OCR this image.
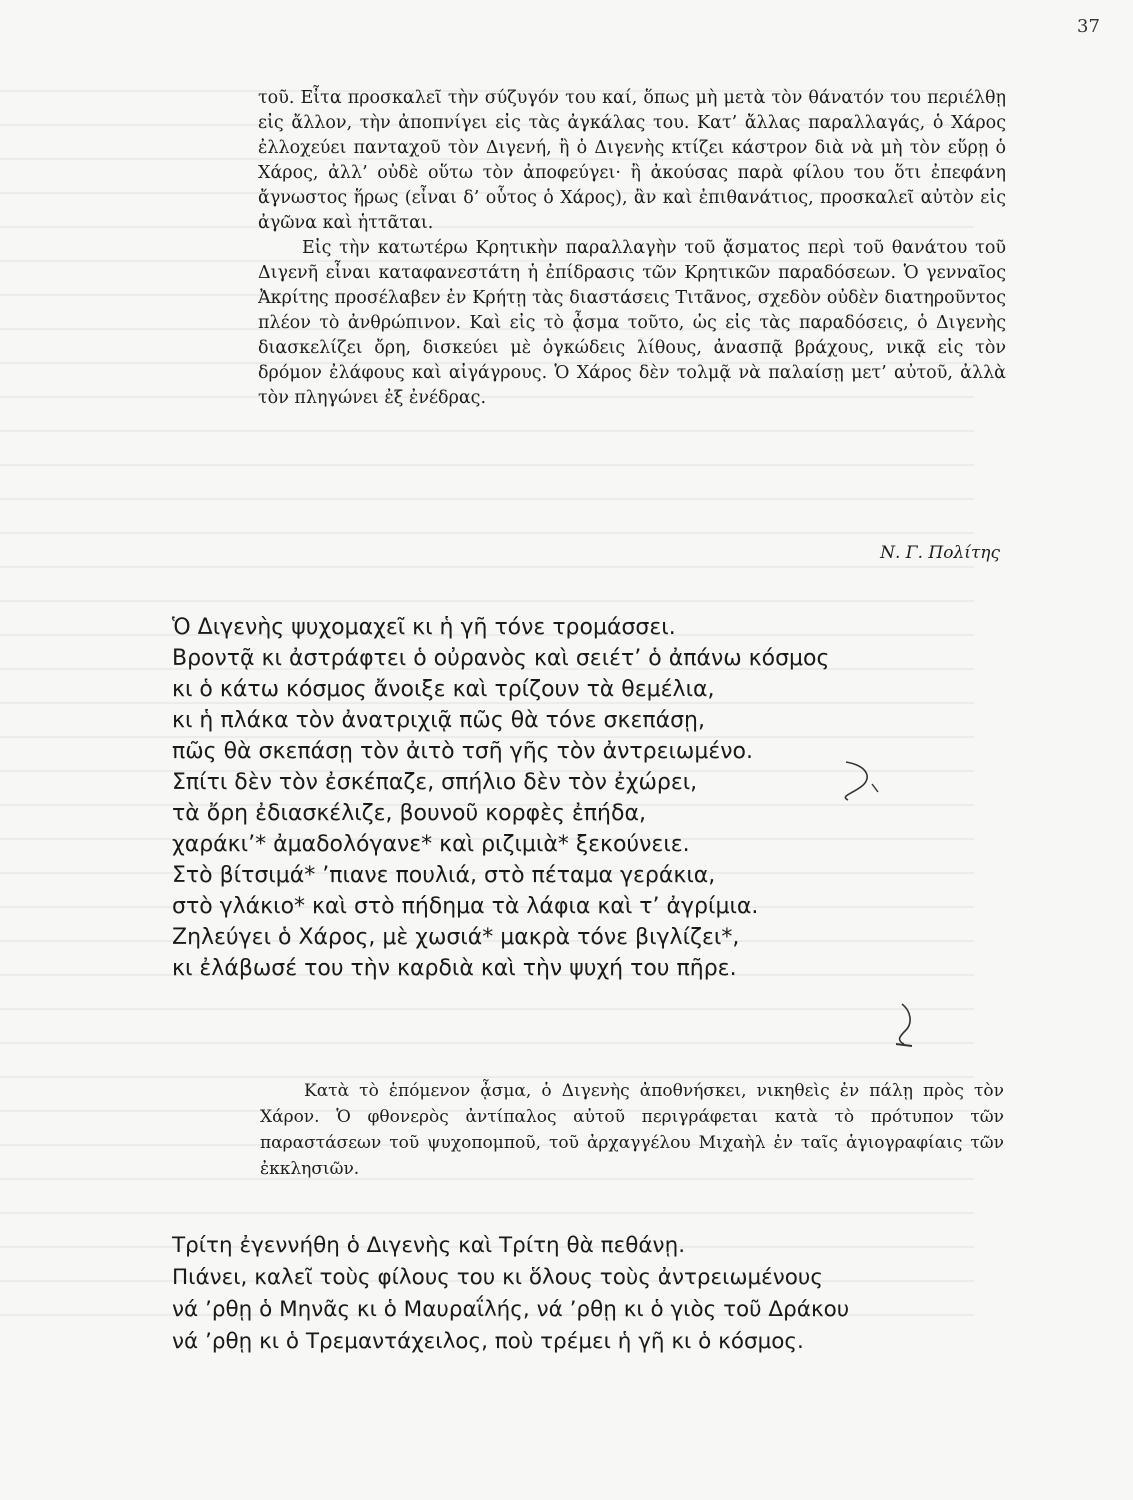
37

τοῦ. Εἶτα προσκαλεῖ τὴν σύζυγόν του καί, ὅπως μὴ μετὰ τὸν θάνατόν του περιέλθῃ εἰς ἄλλον, τὴν ἀποπνίγει εἰς τὰς ἀγκάλας του. Κατ’ ἄλλας παραλλαγάς, ὁ Χάρος ἐλλοχεύει πανταχοῦ τὸν Διγενή, ἢ ὁ Διγενὴς κτίζει κάστρον διὰ νὰ μὴ τὸν εὕρῃ ὁ Χάρος, ἀλλ’ οὐδὲ οὕτω τὸν ἀποφεύγει· ἢ ἀκούσας παρὰ φίλου του ὅτι ἐπεφάνη ἄγνωστος ἥρως (εἶναι δ’ οὗτος ὁ Χάρος), ἂν καὶ ἐπιθανάτιος, προσκαλεῖ αὐτὸν εἰς ἀγῶνα καὶ ἡττᾶται.

Εἰς τὴν κατωτέρω Κρητικὴν παραλλαγὴν τοῦ ᾄσματος περὶ τοῦ θανάτου τοῦ Διγενῆ εἶναι καταφανεστάτη ἡ ἐπίδρασις τῶν Κρητικῶν παραδόσεων. Ὁ γενναῖος Ἀκρίτης προσέλαβεν ἐν Κρήτῃ τὰς διαστάσεις Τιτᾶνος, σχεδὸν οὐδὲν διατηροῦντος πλέον τὸ ἀνθρώπινον. Καὶ εἰς τὸ ᾆσμα τοῦτο, ὡς εἰς τὰς παραδόσεις, ὁ Διγενὴς διασκελίζει ὄρη, δισκεύει μὲ ὀγκώδεις λίθους, ἀνασπᾷ βράχους, νικᾷ εἰς τὸν δρόμον ἐλάφους καὶ αἰγάγρους. Ὁ Χάρος δὲν τολμᾷ νὰ παλαίσῃ μετ’ αὐτοῦ, ἀλλὰ τὸν πληγώνει ἐξ ἐνέδρας.

Ν. Γ. Πολίτης
Ὁ Διγενὴς ψυχομαχεῖ κι ἡ γῆ τόνε τρομάσσει.
Βροντᾷ κι ἀστράφτει ὁ οὐρανὸς καὶ σειέτ’ ὁ ἀπάνω κόσμος
κι ὁ κάτω κόσμος ἄνοιξε καὶ τρίζουν τὰ θεμέλια,
κι ἡ πλάκα τὸν ἀνατριχιᾷ πῶς θὰ τόνε σκεπάσῃ,
πῶς θὰ σκεπάσῃ τὸν ἀιτὸ τσῆ γῆς τὸν ἀντρειωμένο.
Σπίτι δὲν τὸν ἐσκέπαζε, σπήλιο δὲν τὸν ἐχώρει,
τὰ ὄρη ἐδιασκέλιζε, βουνοῦ κορφὲς ἐπήδα,
χαράκι’* ἀμαδολόγανε* καὶ ριζιμιὰ* ξεκούνειε.
Στὸ βίτσιμά* ’πιανε πουλιά, στὸ πέταμα γεράκια,
στὸ γλάκιο* καὶ στὸ πήδημα τὰ λάφια καὶ τ’ ἀγρίμια.
Ζηλεύγει ὁ Χάρος, μὲ χωσιά* μακρὰ τόνε βιγλίζει*,
κι ἐλάβωσέ του τὴν καρδιὰ καὶ τὴν ψυχή του πῆρε.

Κατὰ τὸ ἑπόμενον ᾆσμα, ὁ Διγενὴς ἀποθνήσκει, νικηθεὶς ἐν πάλῃ πρὸς τὸν Χάρον. Ὁ φθονερὸς ἀντίπαλος αὐτοῦ περιγράφεται κατὰ τὸ πρότυπον τῶν παραστάσεων τοῦ ψυχοπομποῦ, τοῦ ἀρχαγγέλου Μιχαὴλ ἐν ταῖς ἁγιογραφίαις τῶν ἐκκλησιῶν.

Τρίτη ἐγεννήθη ὁ Διγενὴς καὶ Τρίτη θὰ πεθάνῃ.
Πιάνει, καλεῖ τοὺς φίλους του κι ὅλους τοὺς ἀντρειωμένους
νά ’ρθῃ ὁ Μηνᾶς κι ὁ Μαυραΐλής, νά ’ρθῃ κι ὁ γιὸς τοῦ Δράκου
νά ’ρθῃ κι ὁ Τρεμαντάχειλος, ποὺ τρέμει ἡ γῆ κι ὁ κόσμος.
